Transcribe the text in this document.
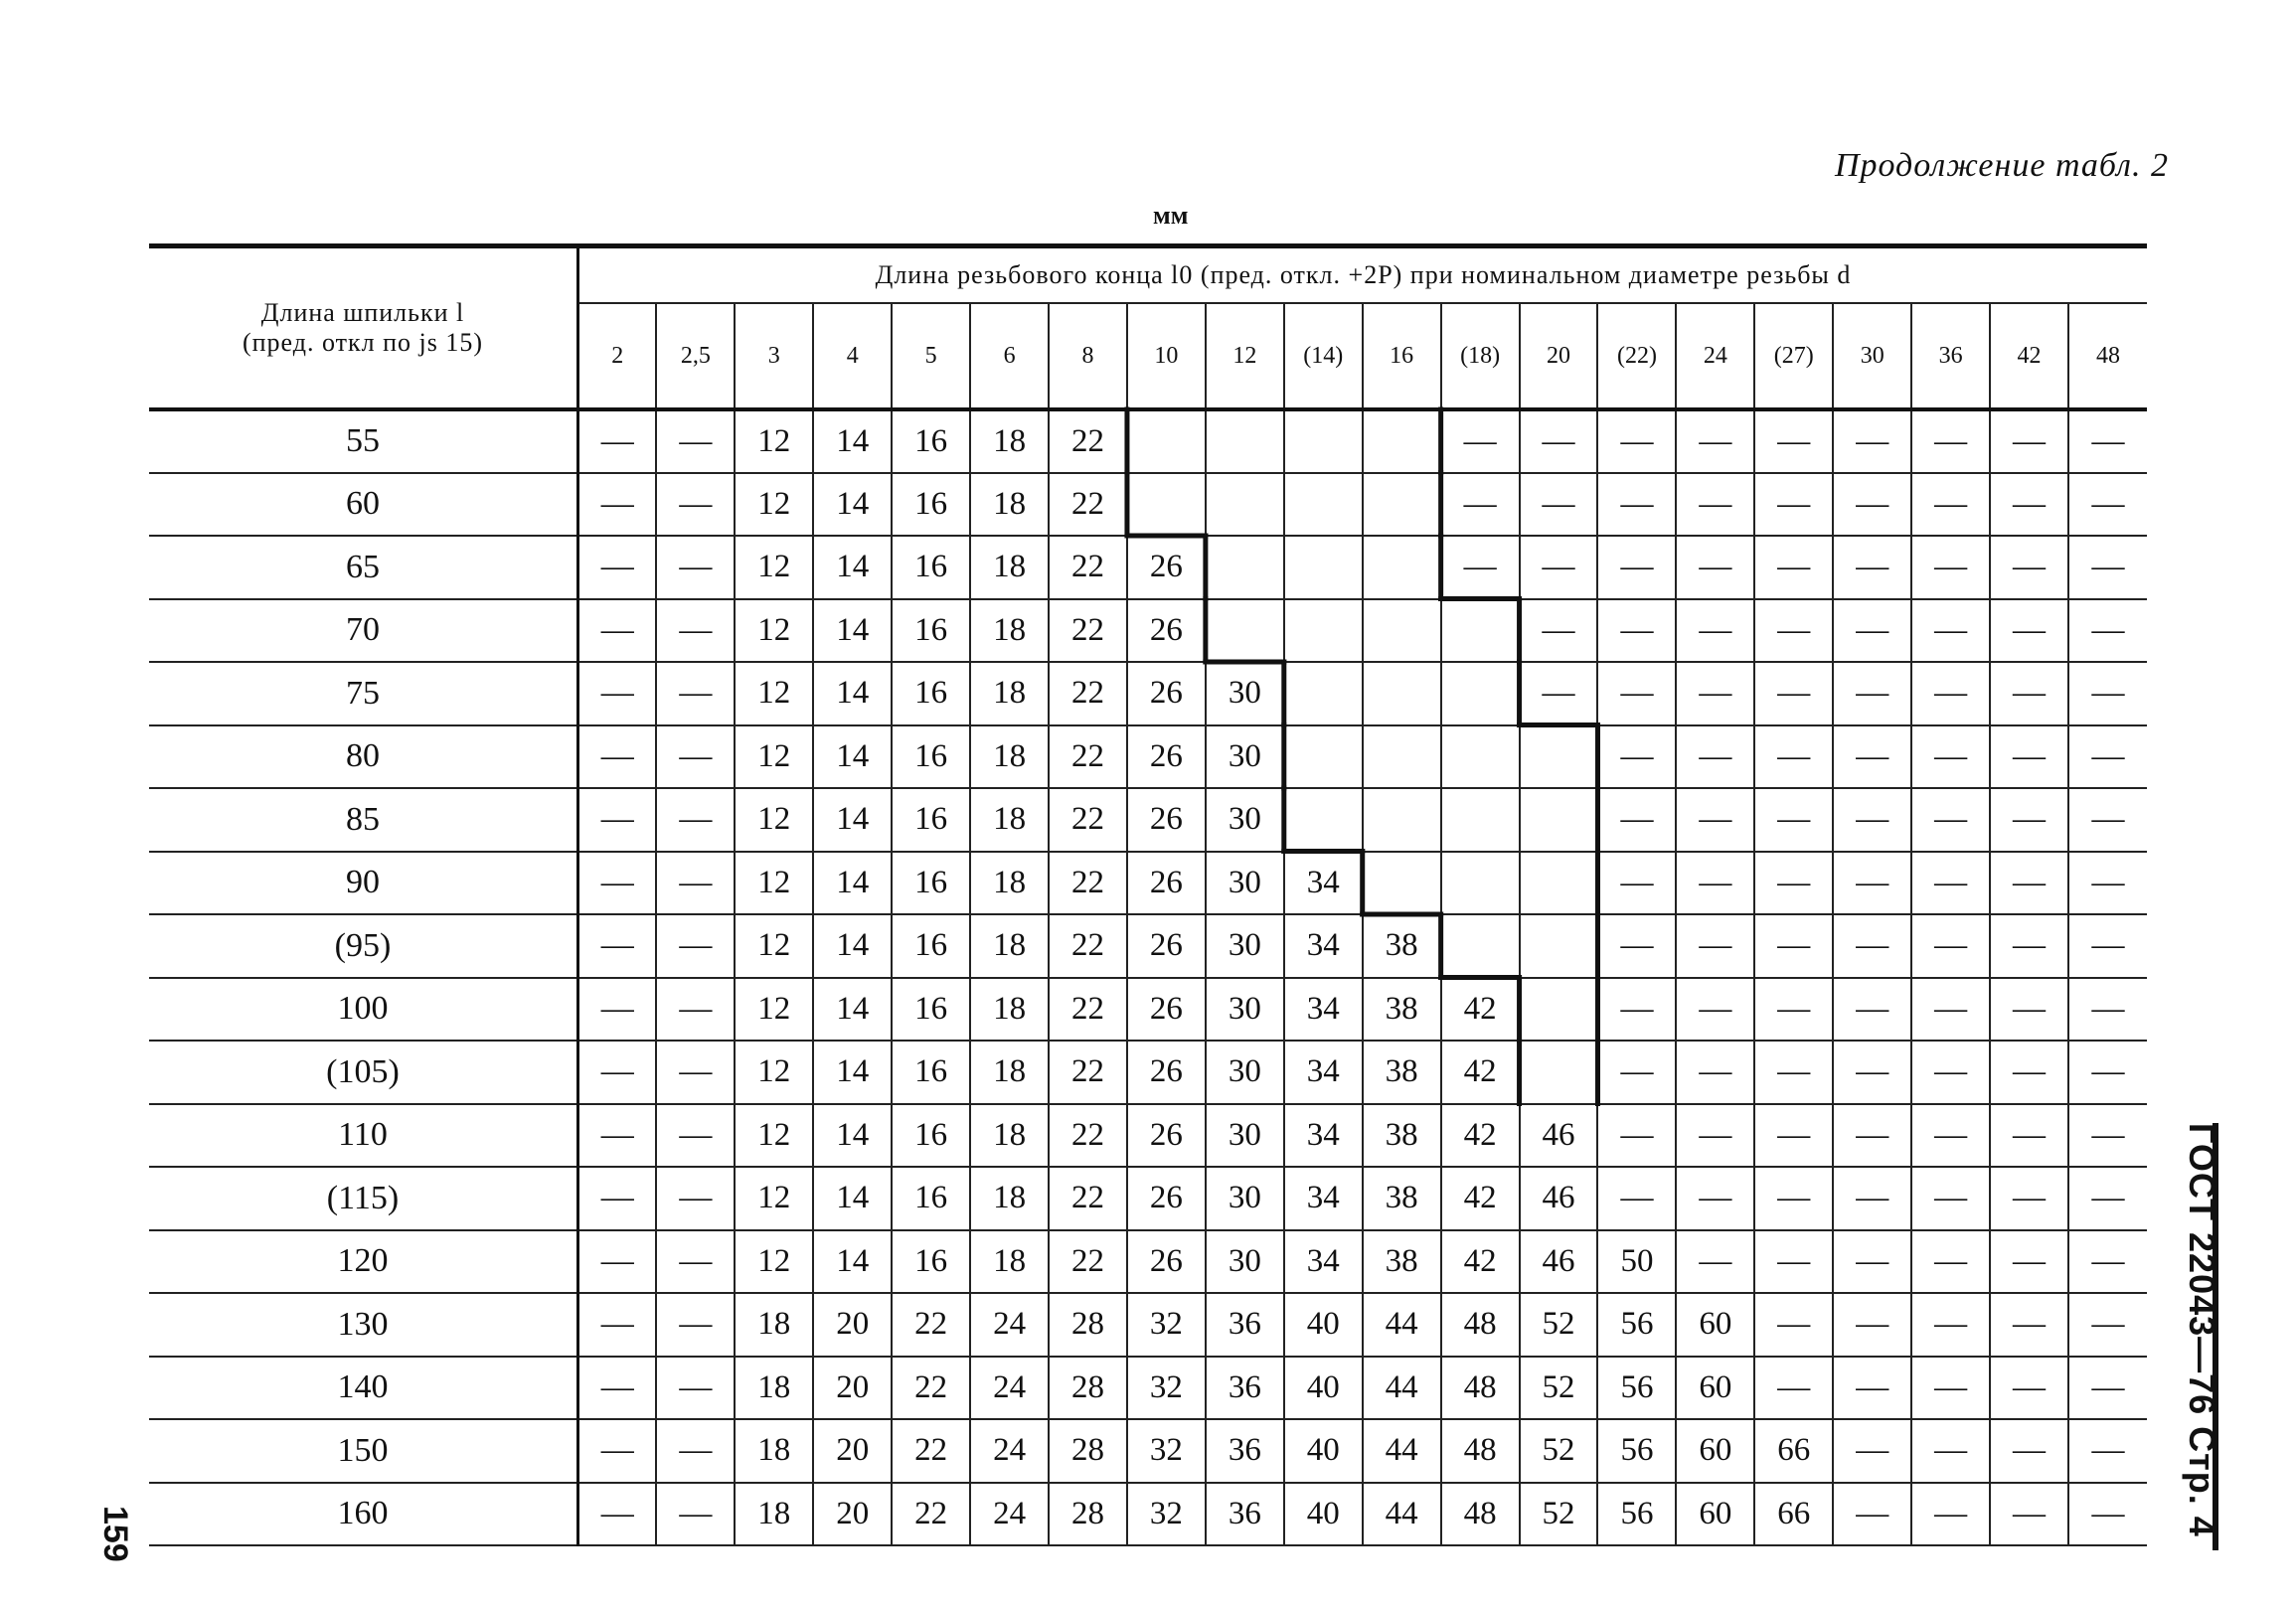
Продолжение табл. 2
мм
ГОСТ 22043—76 Стр. 4
159
Длина шпильки l
(пред. откл по js 15)	Длина резьбового конца l0 (пред. откл. +2P) при номинальном диаметре резьбы d																			
	2	2,5	3	4	5	6	8	10	12	(14)	16	(18)	20	(22)	24	(27)	30	36	42	48
55	—	—	12	14	16	18	22					—	—	—	—	—	—	—	—	—
60	—	—	12	14	16	18	22					—	—	—	—	—	—	—	—	—
65	—	—	12	14	16	18	22	26				—	—	—	—	—	—	—	—	—
70	—	—	12	14	16	18	22	26					—	—	—	—	—	—	—	—
75	—	—	12	14	16	18	22	26	30				—	—	—	—	—	—	—	—
80	—	—	12	14	16	18	22	26	30					—	—	—	—	—	—	—
85	—	—	12	14	16	18	22	26	30					—	—	—	—	—	—	—
90	—	—	12	14	16	18	22	26	30	34				—	—	—	—	—	—	—
(95)	—	—	12	14	16	18	22	26	30	34	38			—	—	—	—	—	—	—
100	—	—	12	14	16	18	22	26	30	34	38	42		—	—	—	—	—	—	—
(105)	—	—	12	14	16	18	22	26	30	34	38	42		—	—	—	—	—	—	—
110	—	—	12	14	16	18	22	26	30	34	38	42	46	—	—	—	—	—	—	—
(115)	—	—	12	14	16	18	22	26	30	34	38	42	46	—	—	—	—	—	—	—
120	—	—	12	14	16	18	22	26	30	34	38	42	46	50	—	—	—	—	—	—
130	—	—	18	20	22	24	28	32	36	40	44	48	52	56	60	—	—	—	—	—
140	—	—	18	20	22	24	28	32	36	40	44	48	52	56	60	—	—	—	—	—
150	—	—	18	20	22	24	28	32	36	40	44	48	52	56	60	66	—	—	—	—
160	—	—	18	20	22	24	28	32	36	40	44	48	52	56	60	66	—	—	—	—
